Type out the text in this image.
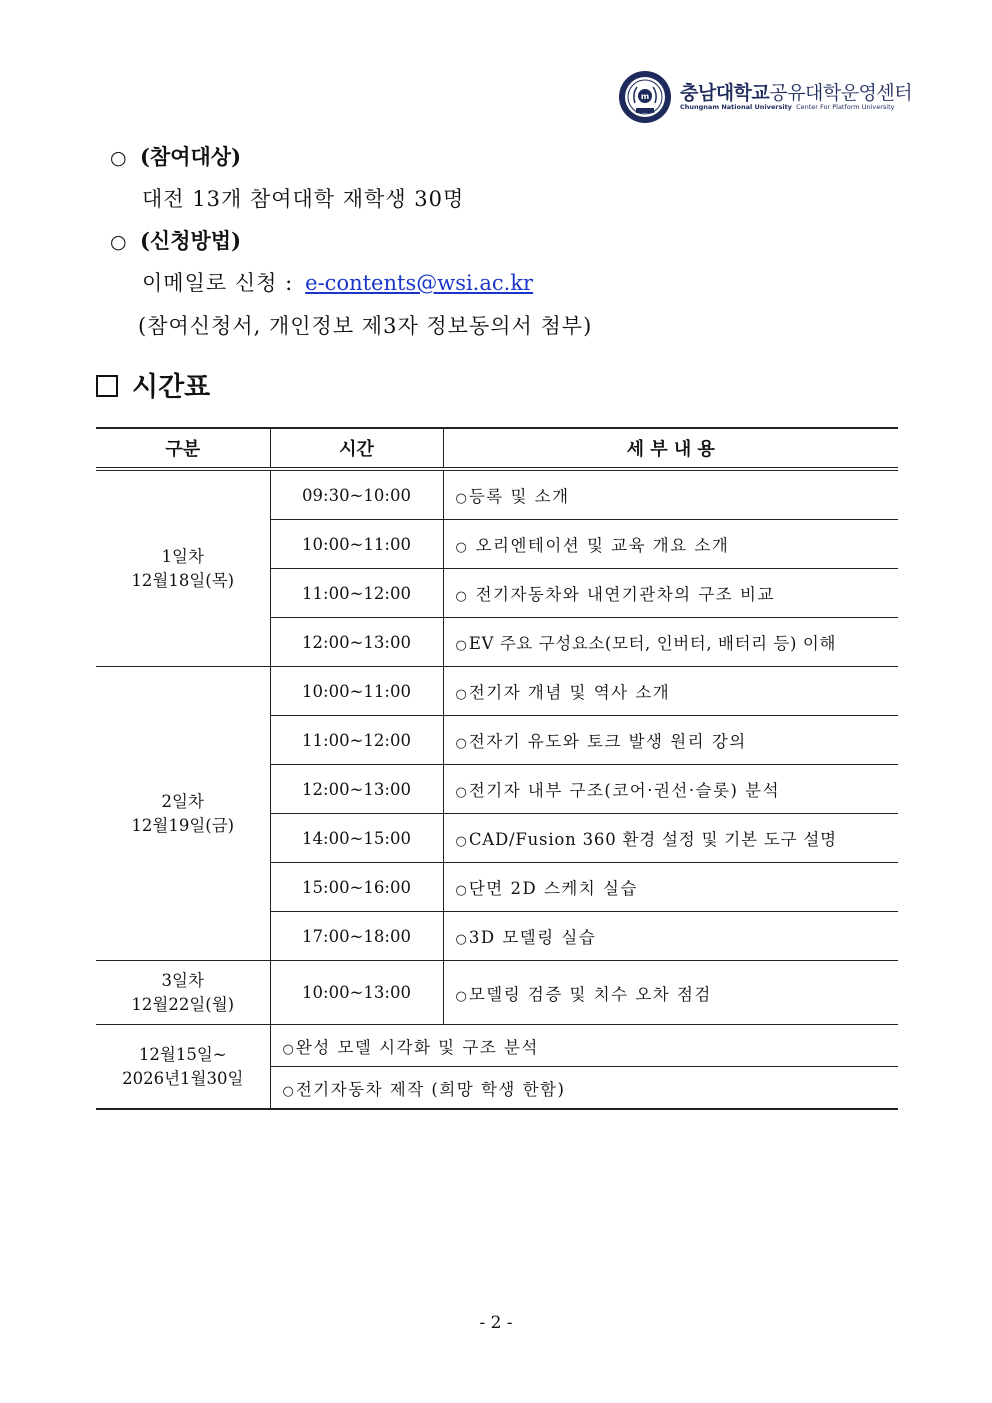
m 충남대학교공유대학운영센터
Chungnam National University Center For Platform University
○ (참여대상)
대전 13개 참여대학 재학생 30명
○ (신청방법)
이메일로 신청 : e-contents@wsi.ac.kr
(참여신청서, 개인정보 제3자 정보동의서 첨부)
시간표
구분	시간	세 부 내 용

1일차
12월18일(목)	09:30~10:00	○ 등록 및 소개
	10:00~11:00	○ 오리엔테이션 및 교육 개요 소개
	11:00~12:00	○ 전기자동차와 내연기관차의 구조 비교
	12:00~13:00	○ EV 주요 구성요소(모터, 인버터, 배터리 등) 이해

2일차
12월19일(금)	10:00~11:00	○ 전기자 개념 및 역사 소개
	11:00~12:00	○ 전자기 유도와 토크 발생 원리 강의
	12:00~13:00	○ 전기자 내부 구조(코어·권선·슬롯) 분석
	14:00~15:00	○ CAD/Fusion 360 환경 설정 및 기본 도구 설명
	15:00~16:00	○ 단면 2D 스케치 실습
	17:00~18:00	○ 3D 모델링 실습

3일차
12월22일(월)	10:00~13:00	○ 모델링 검증 및 치수 오차 점검

12월15일~
2026년1월30일	○ 완성 모델 시각화 및 구조 분석	
	○ 전기자동차 제작 (희망 학생 한함)	
- 2 -
